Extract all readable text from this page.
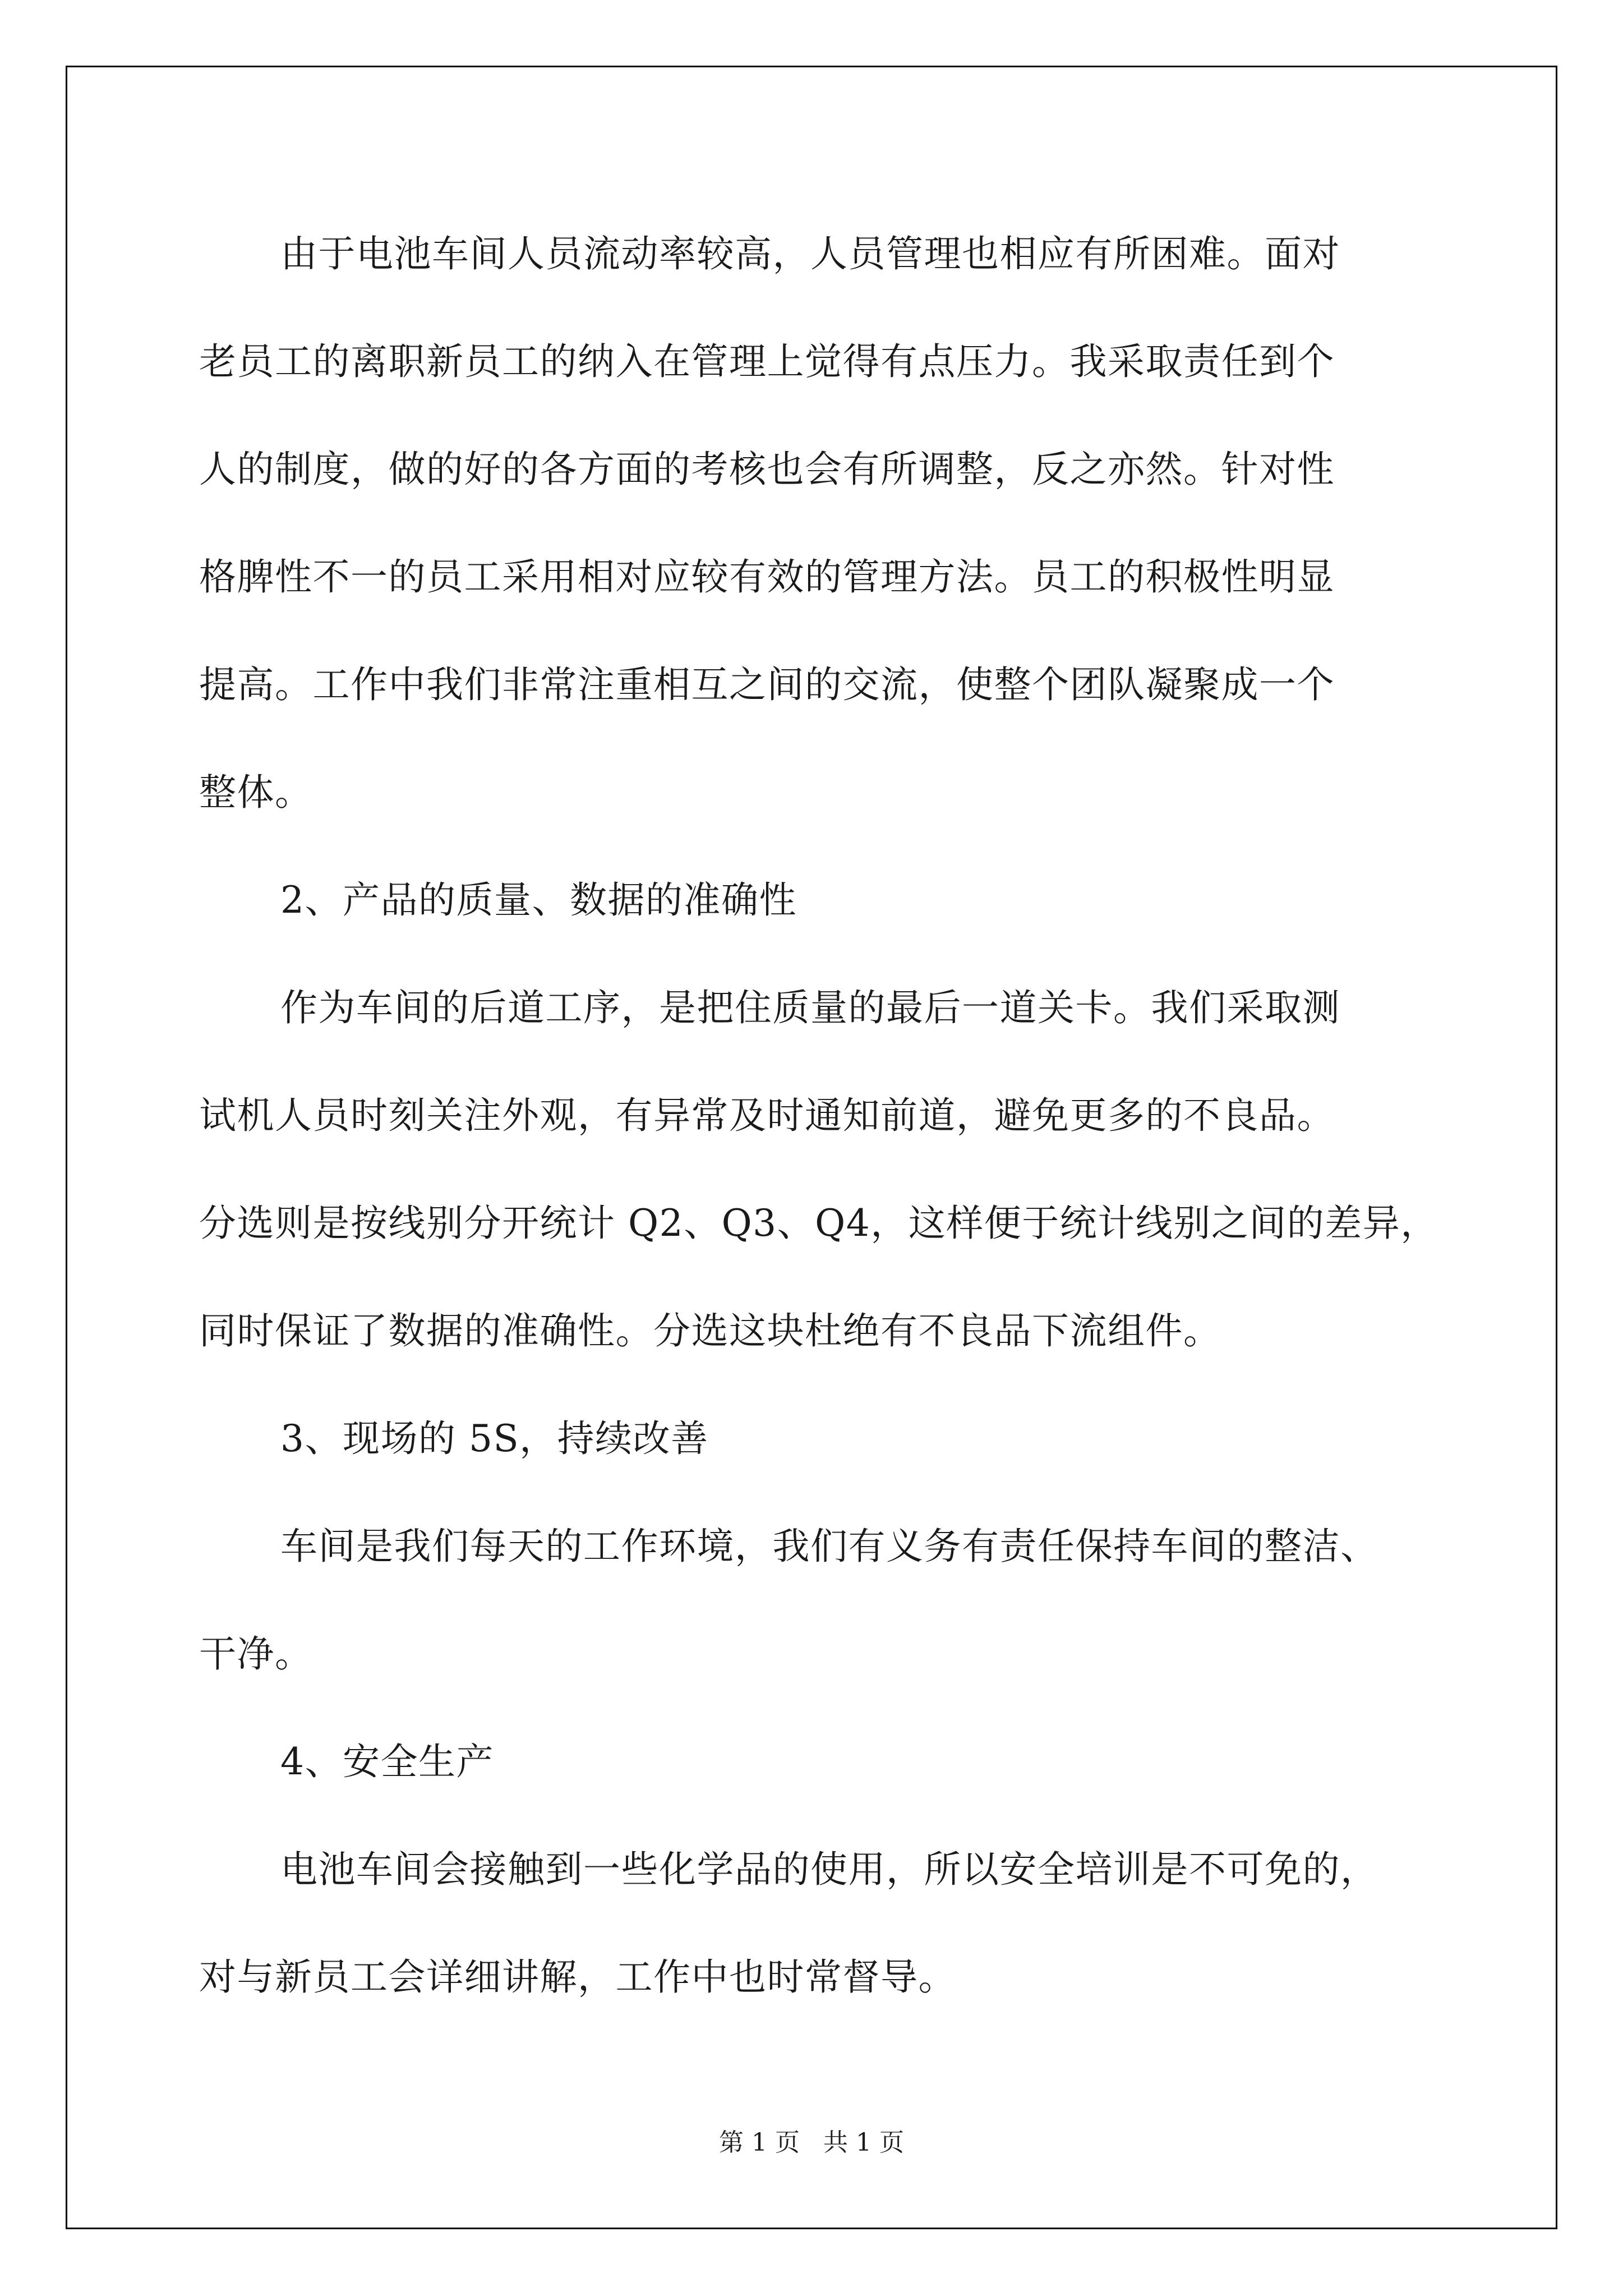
由于电池车间人员流动率较高，人员管理也相应有所困难。面对

老员工的离职新员工的纳入在管理上觉得有点压力。我采取责任到个

人的制度，做的好的各方面的考核也会有所调整，反之亦然。针对性

格脾性不一的员工采用相对应较有效的管理方法。员工的积极性明显

提高。工作中我们非常注重相互之间的交流，使整个团队凝聚成一个

整体。

2、产品的质量、数据的准确性

作为车间的后道工序，是把住质量的最后一道关卡。我们采取测

试机人员时刻关注外观，有异常及时通知前道，避免更多的不良品。

分选则是按线别分开统计 Q2、Q3、Q4，这样便于统计线别之间的差异，

同时保证了数据的准确性。分选这块杜绝有不良品下流组件。

3、现场的 5S，持续改善

车间是我们每天的工作环境，我们有义务有责任保持车间的整洁、

干净。

4、安全生产

电池车间会接触到一些化学品的使用，所以安全培训是不可免的，

对与新员工会详细讲解，工作中也时常督导。

第 1 页   共 1 页
